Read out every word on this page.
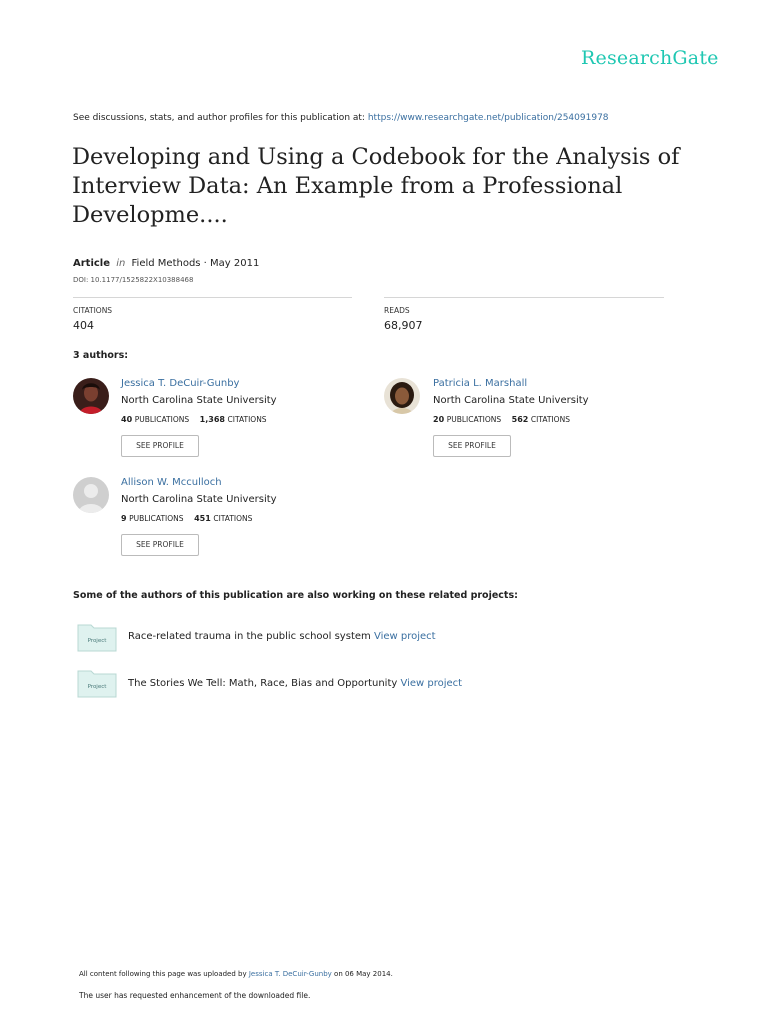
ResearchGate
See discussions, stats, and author profiles for this publication at: https://www.researchgate.net/publication/254091978
Developing and Using a Codebook for the Analysis of Interview Data: An Example from a Professional Developme....
Article in Field Methods · May 2011
DOI: 10.1177/1525822X10388468
CITATIONS
404
READS
68,907
3 authors:
Jessica T. DeCuir-Gunby
North Carolina State University
40 PUBLICATIONS 1,368 CITATIONS
SEE PROFILE
Patricia L. Marshall
North Carolina State University
20 PUBLICATIONS 562 CITATIONS
SEE PROFILE
Allison W. Mcculloch
North Carolina State University
9 PUBLICATIONS 451 CITATIONS
SEE PROFILE
Some of the authors of this publication are also working on these related projects:
Project Race-related trauma in the public school system View project
Project The Stories We Tell: Math, Race, Bias and Opportunity View project
All content following this page was uploaded by Jessica T. DeCuir-Gunby on 06 May 2014.
The user has requested enhancement of the downloaded file.
